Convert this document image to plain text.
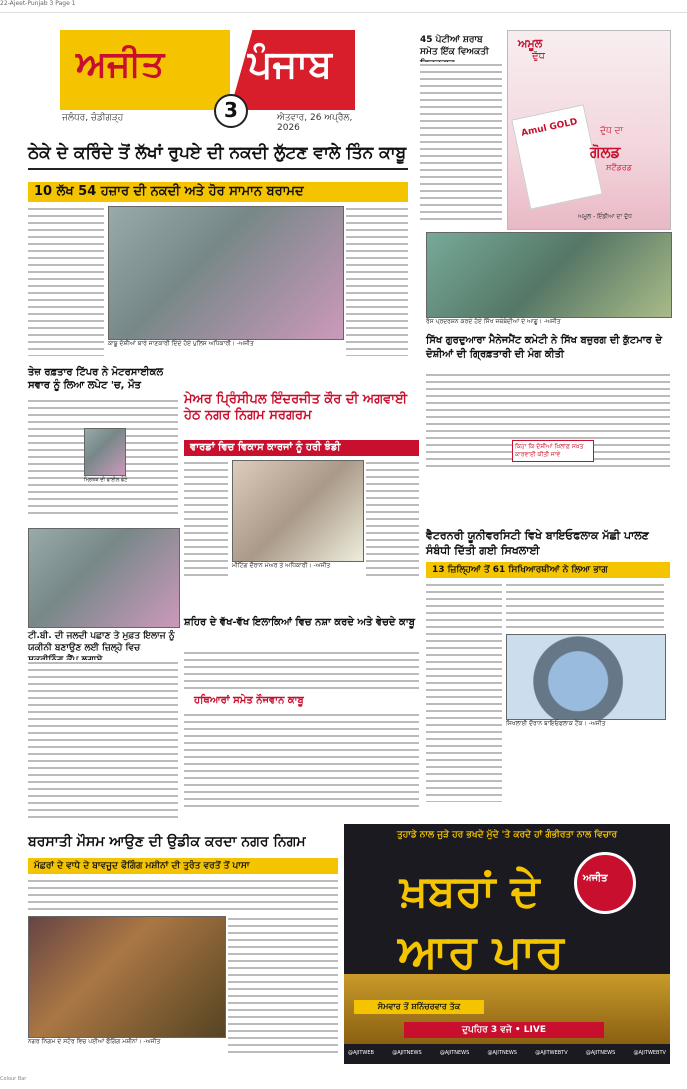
22-Ajeet-Punjab 3 Page 1
ਅਜੀਤ ਪੰਜਾਬ
3
ਜਲੰਧਰ, ਚੰਡੀਗੜ੍ਹ	ਐਤਵਾਰ, 26 ਅਪ੍ਰੈਲ, 2026
45 ਪੇਟੀਆਂ ਸ਼ਰਾਬ ਸਮੇਤ ਇੱਕ ਵਿਅਕਤੀ
ਅਮੂਲ
ਦੁੱਧ
Amul GOLD ਦੁੱਧ ਦਾ
ਗੋਲਡ
ਸਟੈਂਡਰਡ
ਅਮੂਲ - ਇੰਡੀਆ ਦਾ ਦੁੱਧ
ਠੇਕੇ ਦੇ ਕਰਿੰਦੇ ਤੋਂ ਲੱਖਾਂ ਰੁਪਏ ਦੀ ਨਕਦੀ ਲੁੱਟਣ ਵਾਲੇ ਤਿੰਨ ਕਾਬੂ
10 ਲੱਖ 54 ਹਜ਼ਾਰ ਦੀ ਨਕਦੀ ਅਤੇ ਹੋਰ ਸਾਮਾਨ ਬਰਾਮਦ
ਕਾਬੂ ਦੋਸ਼ੀਆਂ ਬਾਰੇ ਜਾਣਕਾਰੀ ਦਿੰਦੇ ਹੋਏ ਪੁਲਿਸ ਅਧਿਕਾਰੀ। -ਅਜੀਤ
ਰੋਸ ਪ੍ਰਦਰਸ਼ਨ ਕਰਦੇ ਹੋਏ ਸਿੱਖ ਜਥੇਬੰਦੀਆਂ ਦੇ ਆਗੂ। -ਅਜੀਤ
ਸਿੱਖ ਗੁਰਦੁਆਰਾ ਮੈਨੇਜਮੈਂਟ ਕਮੇਟੀ ਨੇ ਸਿੱਖ ਬਜ਼ੁਰਗ ਦੀ ਕੁੱਟਮਾਰ ਦੇ ਦੋਸ਼ੀਆਂ ਦੀ ਗ੍ਰਿਫ਼ਤਾਰੀ ਦੀ ਮੰਗ ਕੀਤੀ
ਕਿਹਾ ਕਿ ਦੋਸ਼ੀਆਂ ਖ਼ਿਲਾਫ਼ ਸਖ਼ਤ ਕਾਰਵਾਈ ਕੀਤੀ ਜਾਵੇ
ਤੇਜ਼ ਰਫ਼ਤਾਰ ਟਿੱਪਰ ਨੇ ਮੋਟਰਸਾਈਕਲ ਸਵਾਰ ਨੂੰ ਲਿਆ ਲਪੇਟ 'ਚ, ਮੌਤ
ਮ੍ਰਿਤਕ ਦੀ ਫਾਈਲ ਫੋਟੋ
ਮੇਅਰ ਪ੍ਰਿੰਸੀਪਲ ਇੰਦਰਜੀਤ ਕੌਰ ਦੀ ਅਗਵਾਈ ਹੇਠ ਨਗਰ ਨਿਗਮ ਸਰਗਰਮ
ਵਾਰਡਾਂ ਵਿਚ ਵਿਕਾਸ ਕਾਰਜਾਂ ਨੂੰ ਹਰੀ ਝੰਡੀ
ਮੀਟਿੰਗ ਦੌਰਾਨ ਮੇਅਰ ਤੇ ਅਧਿਕਾਰੀ। -ਅਜੀਤ
ਵੈਟਰਨਰੀ ਯੂਨੀਵਰਸਿਟੀ ਵਿਖੇ ਬਾਇਓਫਲਾਕ ਮੱਛੀ ਪਾਲਣ ਸੰਬੰਧੀ ਦਿੱਤੀ ਗਈ ਸਿਖਲਾਈ
13 ਜ਼ਿਲ੍ਹਿਆਂ ਤੋਂ 61 ਸਿਖਿਆਰਥੀਆਂ ਨੇ ਲਿਆ ਭਾਗ
ਸਿਖਲਾਈ ਦੌਰਾਨ ਬਾਇਓਫਲਾਕ ਟੈਂਕ। -ਅਜੀਤ
ਟੀ.ਬੀ. ਦੀ ਜਲਦੀ ਪਛਾਣ ਤੇ ਮੁਫ਼ਤ ਇਲਾਜ ਨੂੰ ਯਕੀਨੀ ਬਣਾਉਣ ਲਈ ਜ਼ਿਲ੍ਹੇ ਵਿਚ
ਸ਼ਹਿਰ ਦੇ ਵੱਖ-ਵੱਖ ਇਲਾਕਿਆਂ ਵਿਚ ਨਸ਼ਾ ਕਰਦੇ ਅਤੇ ਵੇਚਦੇ ਕਾਬੂ
ਹਥਿਆਰਾਂ ਸਮੇਤ ਨੌਜਵਾਨ ਕਾਬੂ
ਬਰਸਾਤੀ ਮੌਸਮ ਆਉਣ ਦੀ ਉਡੀਕ ਕਰਦਾ ਨਗਰ ਨਿਗਮ
ਮੱਛਰਾਂ ਦੇ ਵਾਧੇ ਦੇ ਬਾਵਜੂਦ ਫੌਗਿੰਗ ਮਸ਼ੀਨਾਂ ਦੀ ਤੁਰੰਤ ਵਰਤੋਂ ਤੋਂ ਪਾਸਾ
ਨਗਰ ਨਿਗਮ ਦੇ ਸਟੋਰ ਵਿਚ ਪਈਆਂ ਫੌਗਿੰਗ ਮਸ਼ੀਨਾਂ। -ਅਜੀਤ
ਤੁਹਾਡੇ ਨਾਲ ਜੁੜੇ ਹਰ ਭਖਦੇ ਮੁੱਦੇ 'ਤੇ ਕਰਦੇ ਹਾਂ ਗੰਭੀਰਤਾ ਨਾਲ ਵਿਚਾਰ
ਖ਼ਬਰਾਂ ਦੇ
ਆਰ ਪਾਰ
ਅਜੀਤ
ਸੋਮਵਾਰ ਤੋਂ ਸ਼ਨਿੱਚਰਵਾਰ ਤੱਕ
ਦੁਪਹਿਰ 3 ਵਜੇ • LIVE
@AJITWEB	@AJITNEWS	@AJITNEWS	@AJITNEWS	@AJITWEBTV	@AJITNEWS	@AJITWEBTV
Colour Bar
